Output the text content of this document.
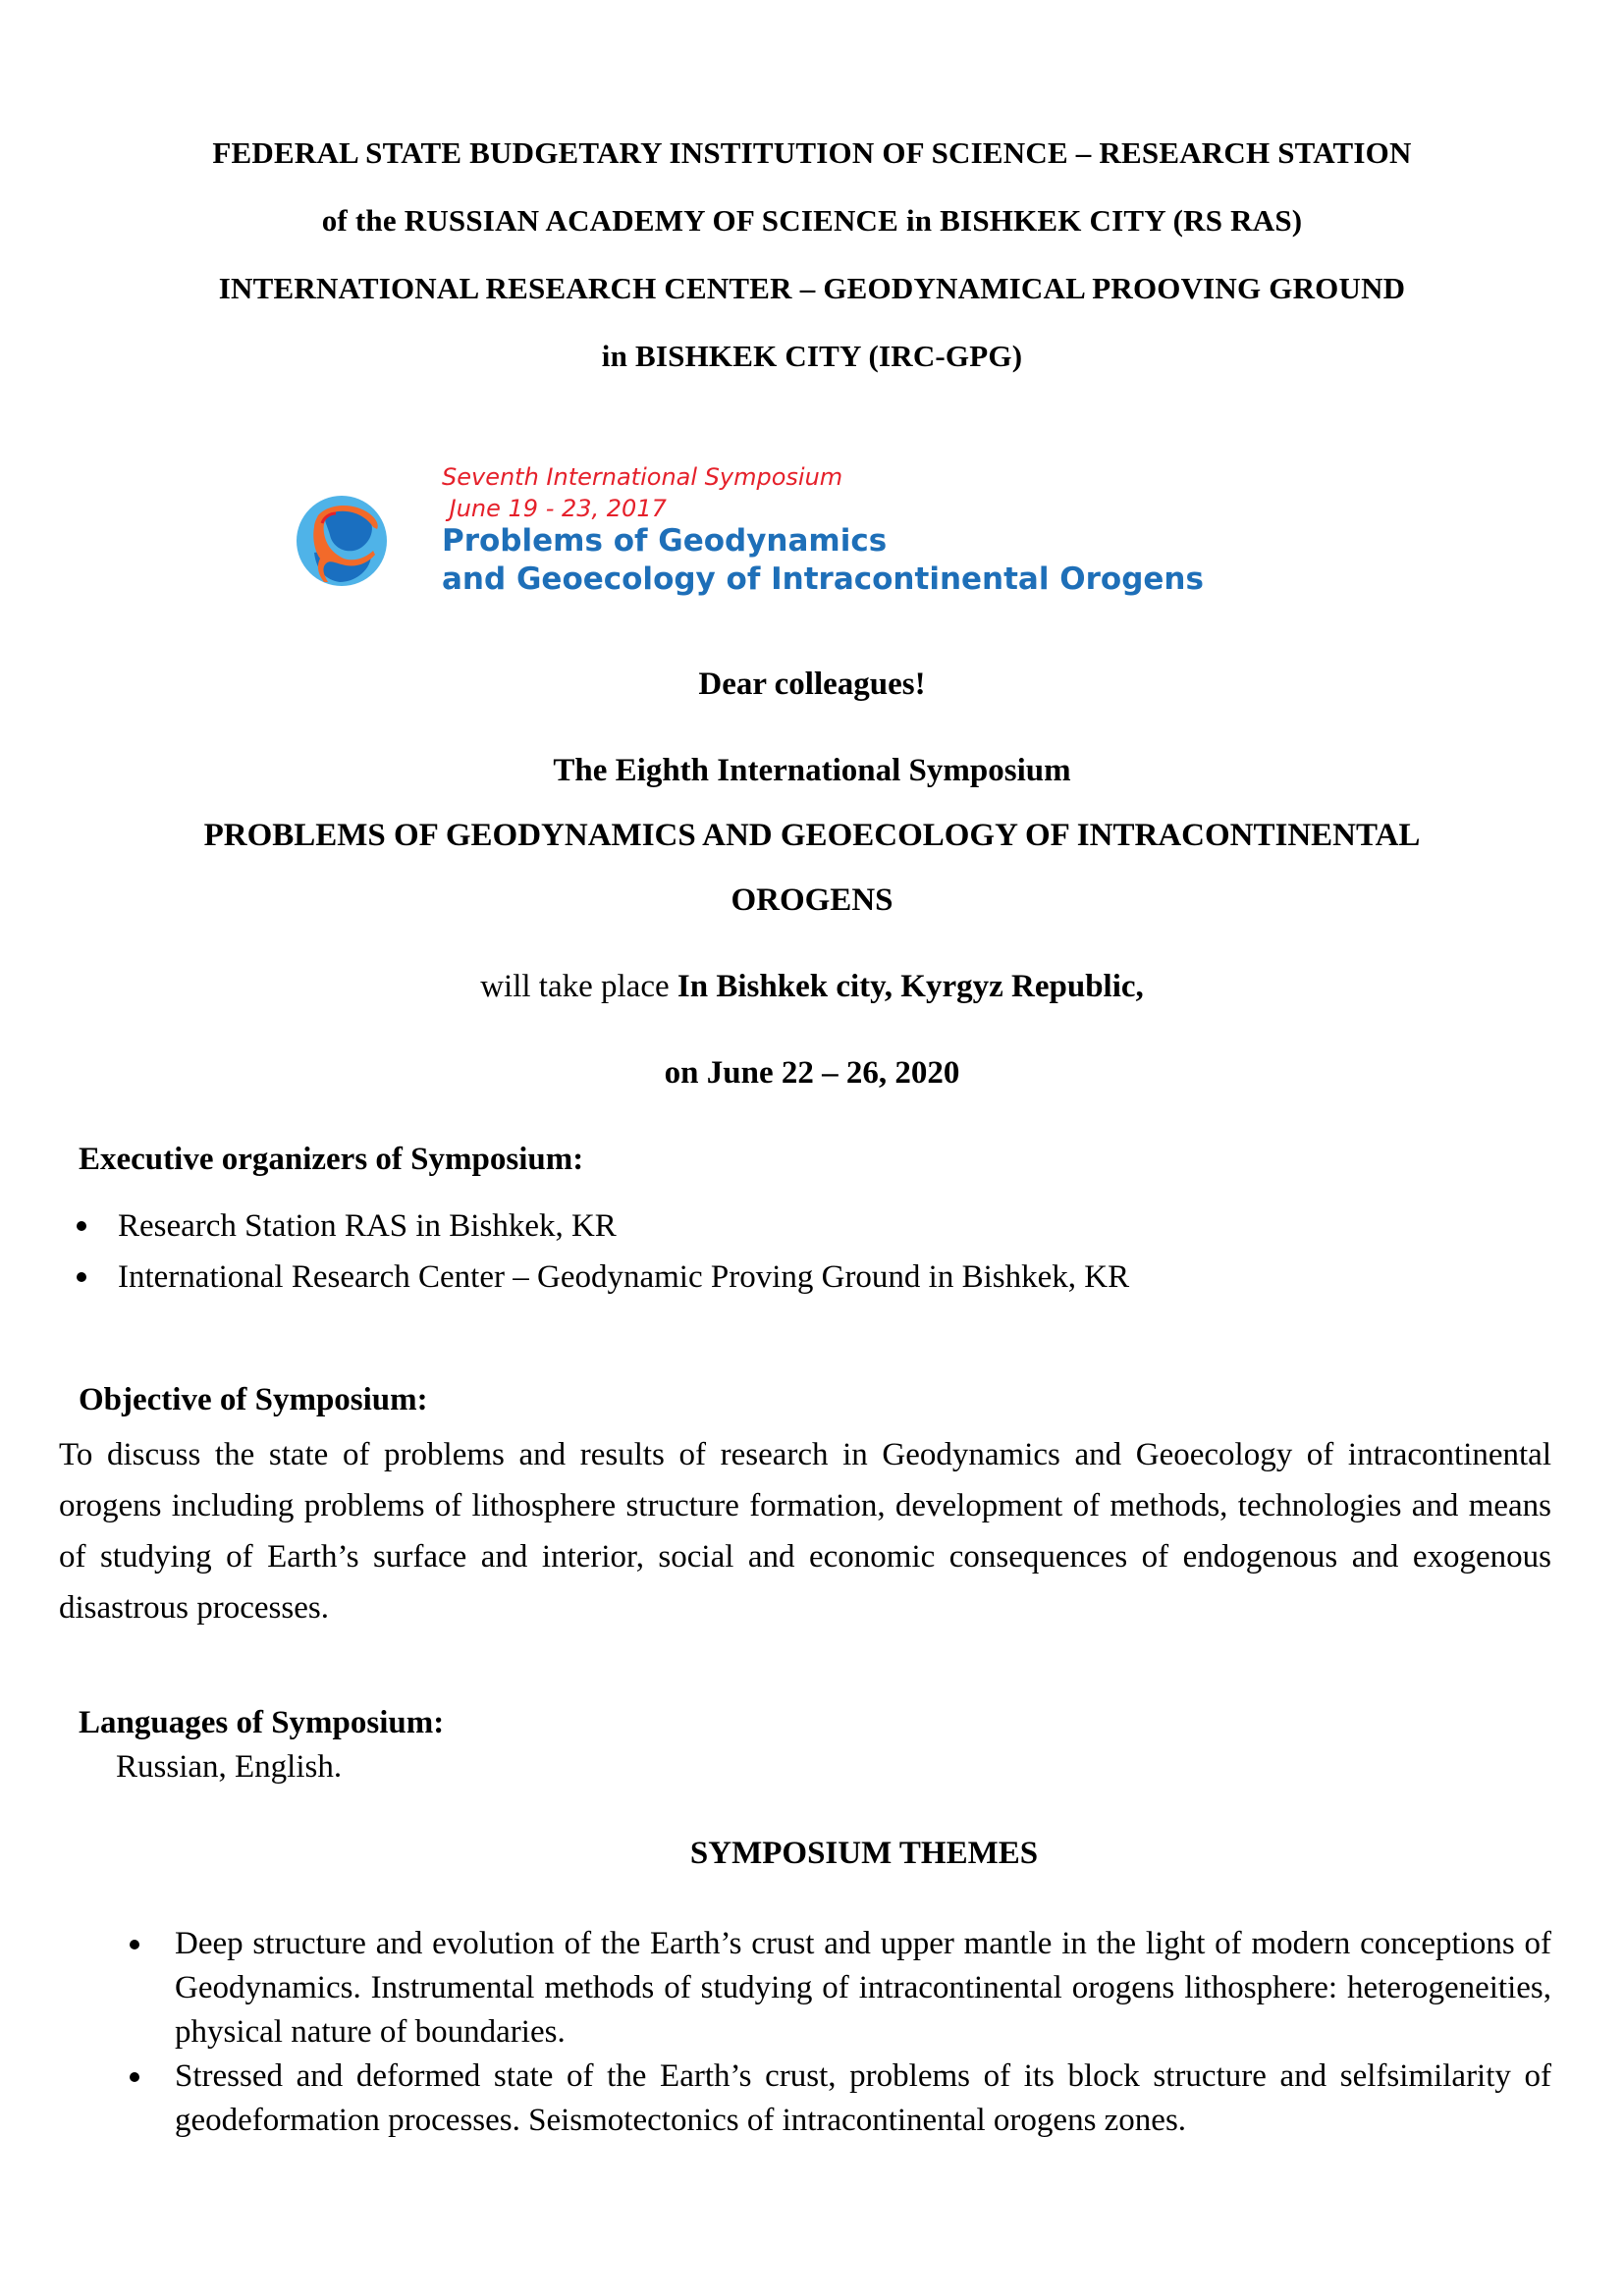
FEDERAL STATE BUDGETARY INSTITUTION OF SCIENCE – RESEARCH STATION
of the RUSSIAN ACADEMY OF SCIENCE in BISHKEK CITY (RS RAS)
INTERNATIONAL RESEARCH CENTER – GEODYNAMICAL PROOVING GROUND
in BISHKEK CITY (IRC-GPG)
Seventh International Symposium
June 19 - 23, 2017
Problems of Geodynamics
and Geoecology of Intracontinental Orogens
Dear colleagues!
The Eighth International Symposium
PROBLEMS OF GEODYNAMICS AND GEOECOLOGY OF INTRACONTINENTAL
OROGENS
will take place In Bishkek city, Kyrgyz Republic,
on June 22 – 26, 2020
Executive organizers of Symposium:
Research Station RAS in Bishkek, KR
International Research Center – Geodynamic Proving Ground in Bishkek, KR
Objective of Symposium:
To discuss the state of problems and results of research in Geodynamics and Geoecology of intracontinental orogens including problems of lithosphere structure formation, development of methods, technologies and means of studying of Earth’s surface and interior, social and economic consequences of endogenous and exogenous disastrous processes.
Languages of Symposium:
Russian, English.
SYMPOSIUM THEMES
Deep structure and evolution of the Earth’s crust and upper mantle in the light of modern conceptions of Geodynamics. Instrumental methods of studying of intracontinental orogens lithosphere: heterogeneities, physical nature of boundaries.
Stressed and deformed state of the Earth’s crust, problems of its block structure and selfsimilarity of geodeformation processes. Seismotectonics of intracontinental orogens zones.
